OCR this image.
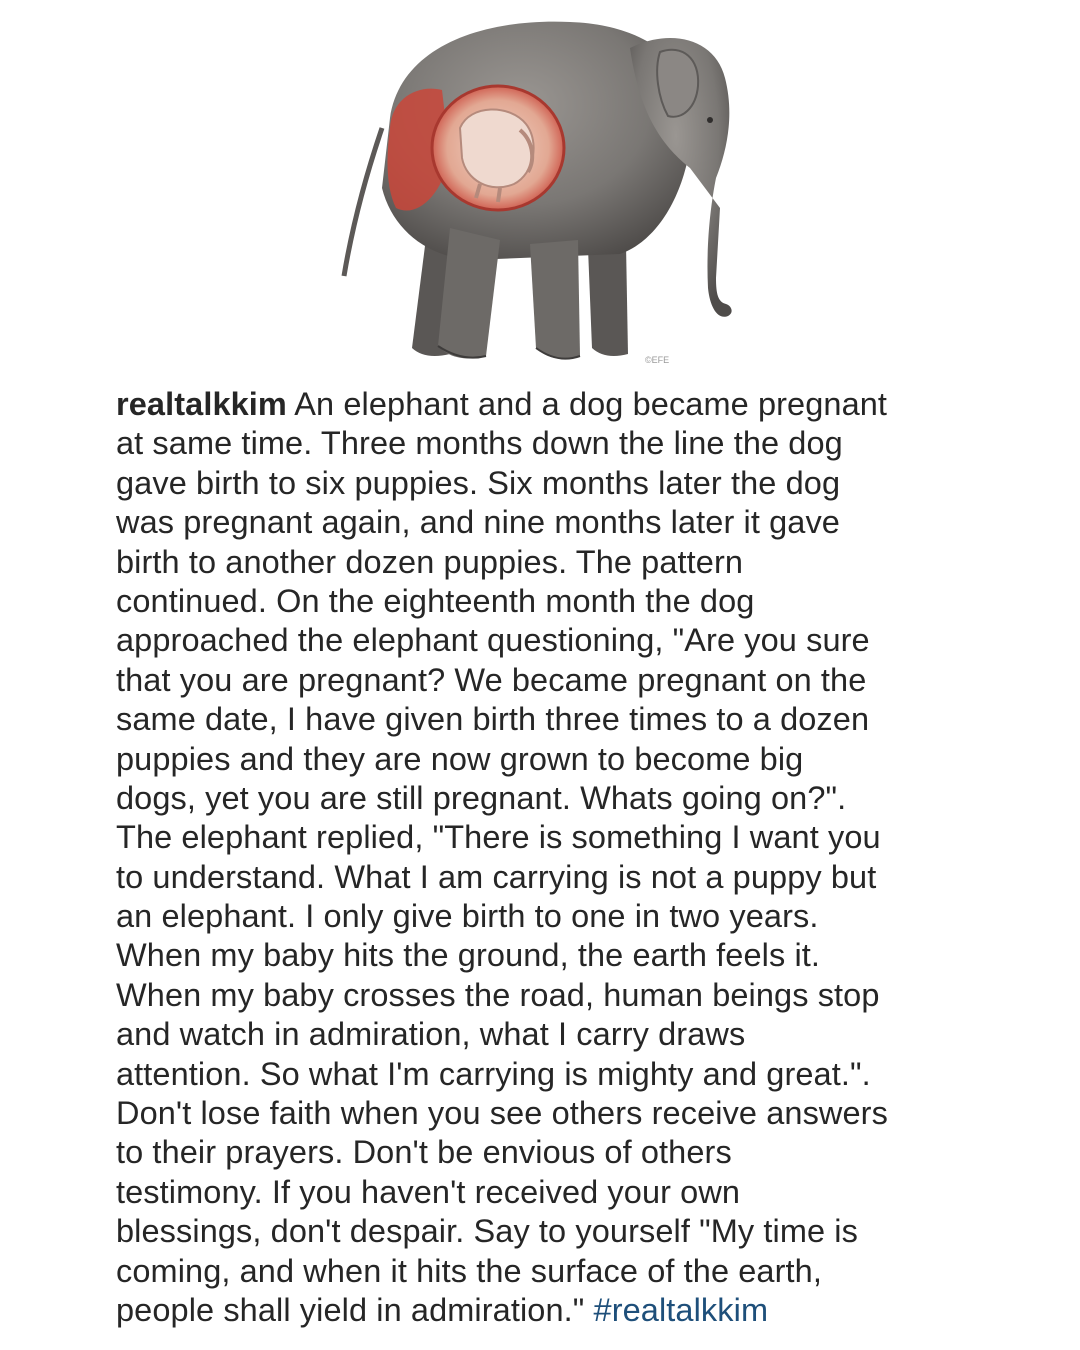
©EFE
realtalkkim An elephant and a dog became pregnant
at same time. Three months down the line the dog
gave birth to six puppies. Six months later the dog
was pregnant again, and nine months later it gave
birth to another dozen puppies. The pattern
continued. On the eighteenth month the dog
approached the elephant questioning, "Are you sure
that you are pregnant? We became pregnant on the
same date, I have given birth three times to a dozen
puppies and they are now grown to become big
dogs, yet you are still pregnant. Whats going on?".
The elephant replied, "There is something I want you
to understand. What I am carrying is not a puppy but
an elephant. I only give birth to one in two years.
When my baby hits the ground, the earth feels it.
When my baby crosses the road, human beings stop
and watch in admiration, what I carry draws
attention. So what I'm carrying is mighty and great.".
Don't lose faith when you see others receive answers
to their prayers. Don't be envious of others
testimony. If you haven't received your own
blessings, don't despair. Say to yourself "My time is
coming, and when it hits the surface of the earth,
people shall yield in admiration." #realtalkkim
